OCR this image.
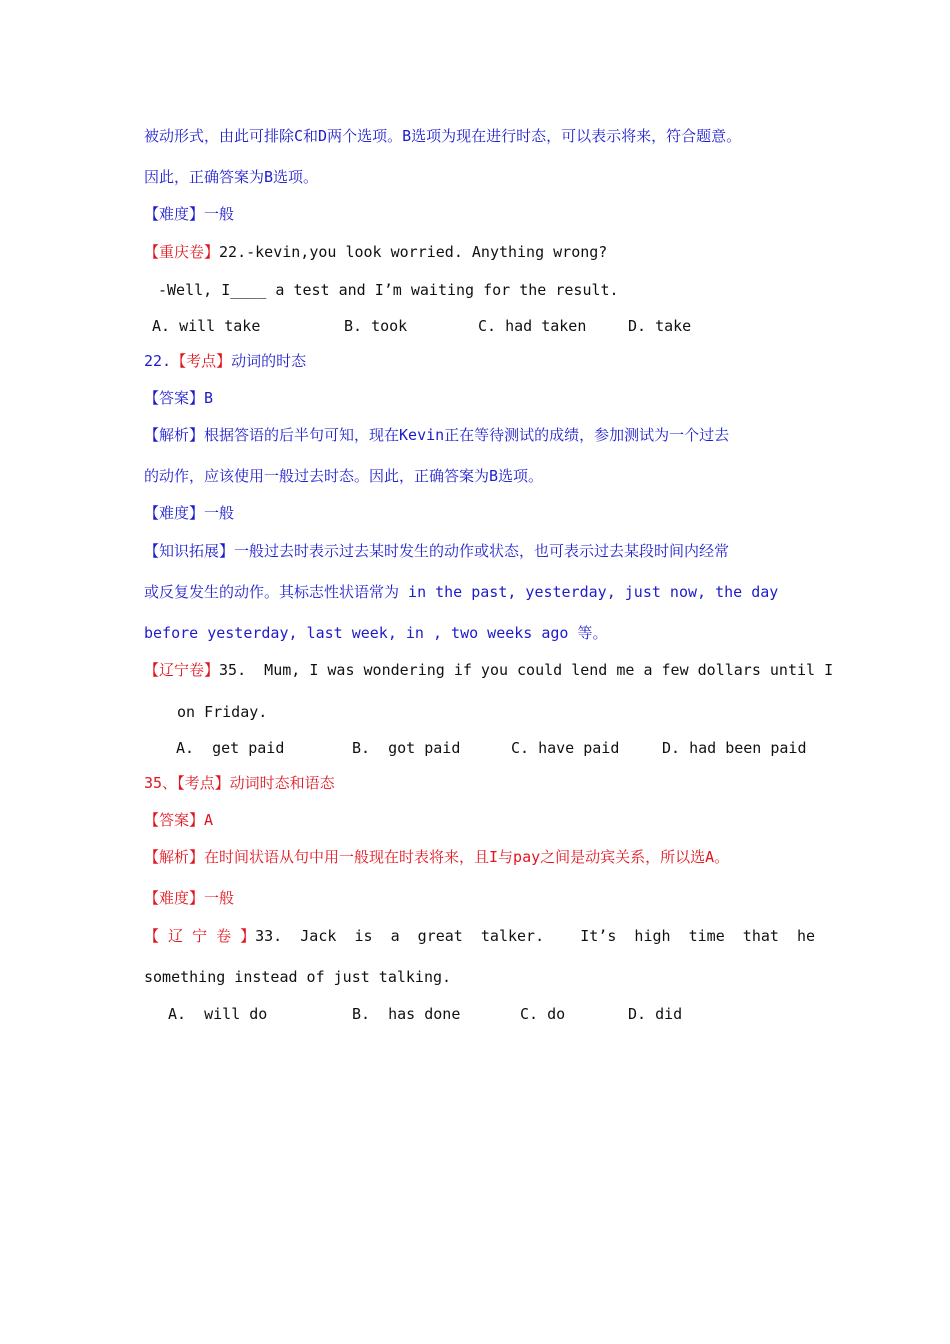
被动形式，由此可排除C和D两个选项。B选项为现在进行时态，可以表示将来，符合题意。
因此，正确答案为B选项。
【难度】一般
【重庆卷】22.-kevin,you look worried. Anything wrong?
-Well, I____ a test and I’m waiting for the result.
A. will take	B. took	C. had taken	D. take
22.【考点】动词的时态
【答案】B
【解析】根据答语的后半句可知，现在Kevin正在等待测试的成绩，参加测试为一个过去
的动作，应该使用一般过去时态。因此，正确答案为B选项。
【难度】一般
【知识拓展】一般过去时表示过去某时发生的动作或状态，也可表示过去某段时间内经常
或反复发生的动作。其标志性状语常为 in the past, yesterday, just now, the day
before yesterday, last week, in , two weeks ago 等。
【辽宁卷】35.  Mum, I was wondering if you could lend me a few dollars until I
on Friday.
A.  get paid	B.  got paid	C. have paid	D. had been paid
35、【考点】动词时态和语态
【答案】A
【解析】在时间状语从句中用一般现在时表将来，且I与pay之间是动宾关系，所以选A。
【难度】一般
【 辽 宁 卷 】33.  Jack  is  a  great  talker.    It’s  high  time  that  he
something instead of just talking.
A.  will do	B.  has done	C. do	D. did
